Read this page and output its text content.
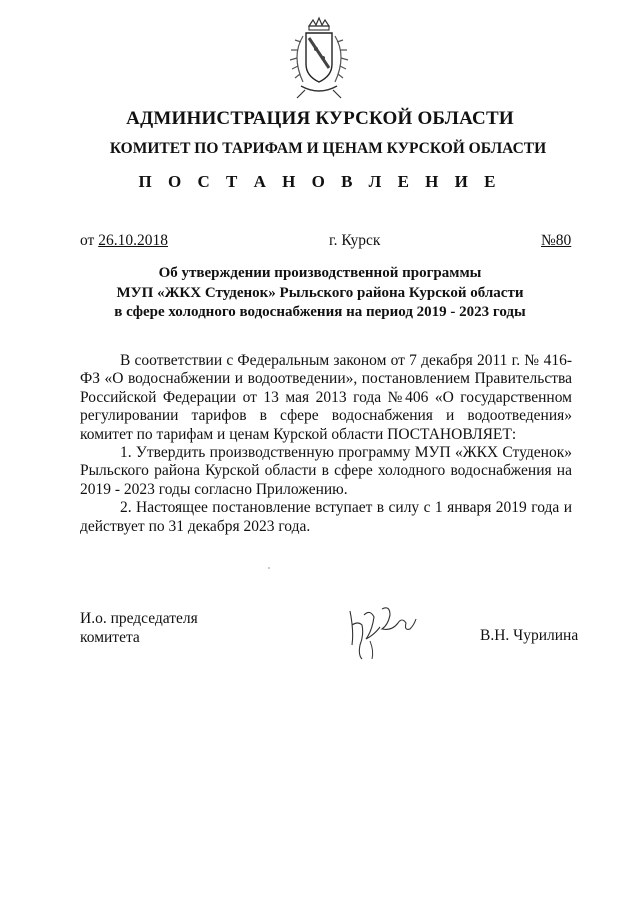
АДМИНИСТРАЦИЯ КУРСКОЙ ОБЛАСТИ
КОМИТЕТ ПО ТАРИФАМ И ЦЕНАМ КУРСКОЙ ОБЛАСТИ
П О С Т А Н О В Л Е Н И Е
от 26.10.2018	г. Курск	№80
Об утверждении производственной программы
МУП «ЖКХ Студенок» Рыльского района Курской области
в сфере холодного водоснабжения на период 2019 - 2023 годы

В соответствии с Федеральным законом от 7 декабря 2011 г. № 416-ФЗ «О водоснабжении и водоотведении», постановлением Правительства Российской Федерации от 13 мая 2013 года №406 «О государственном регулировании тарифов в сфере водоснабжения и водоотведения» комитет по тарифам и ценам Курской области ПОСТАНОВЛЯЕТ:

1. Утвердить производственную программу МУП «ЖКХ Студенок» Рыльского района Курской области в сфере холодного водоснабжения на 2019 - 2023 годы согласно Приложению.

2. Настоящее постановление вступает в силу с 1 января 2019 года и действует по 31 декабря 2023 года.

И.о. председателя
комитета	В.Н. Чурилина
